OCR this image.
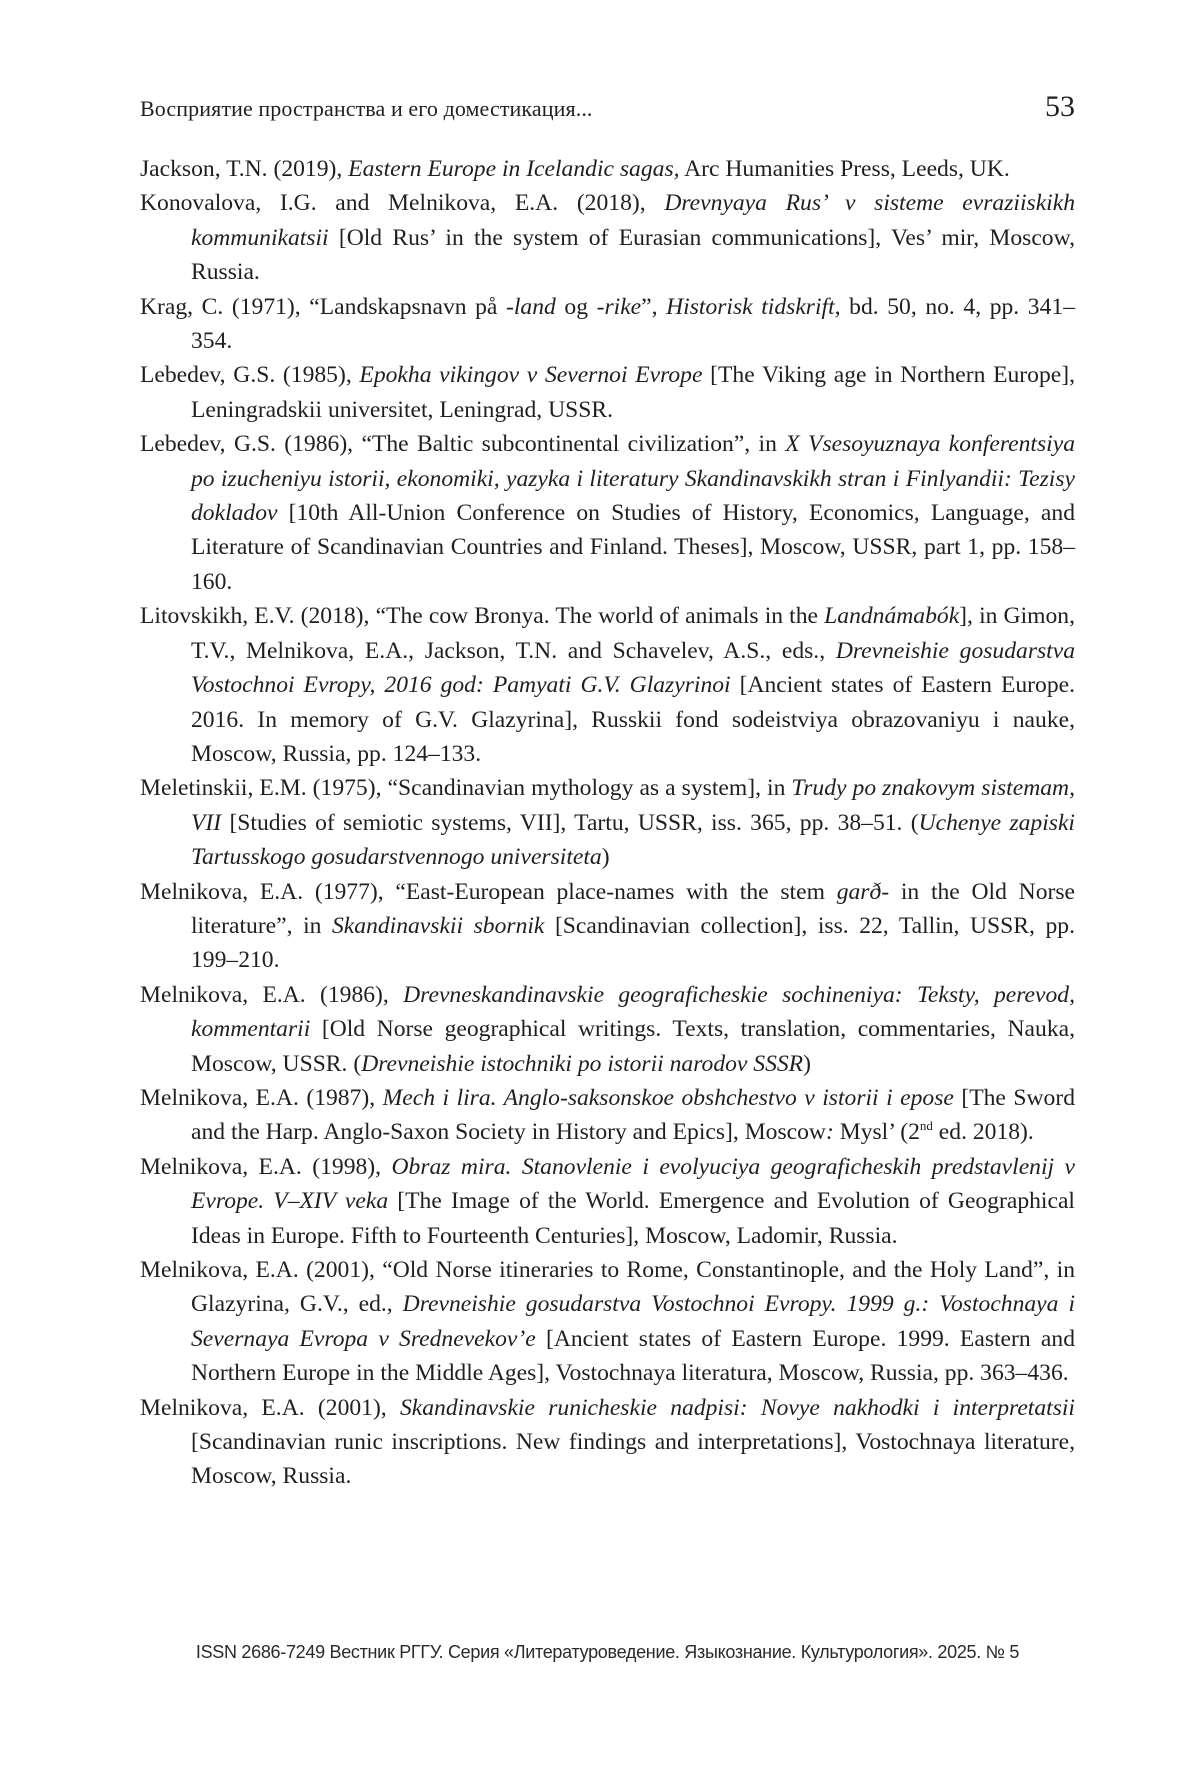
Восприятие пространства и его доместикация...	53
Jackson, T.N. (2019), Eastern Europe in Icelandic sagas, Arc Humanities Press, Leeds, UK.
Konovalova, I.G. and Melnikova, E.A. (2018), Drevnyaya Rus’ v sisteme evraziiskikh kommunikatsii [Old Rus’ in the system of Eurasian communications], Ves’ mir, Moscow, Russia.
Krag, C. (1971), “Landskapsnavn på -land og -rike”, Historisk tidskrift, bd. 50, no. 4, pp. 341–354.
Lebedev, G.S. (1985), Epokha vikingov v Severnoi Evrope [The Viking age in Northern Europe], Leningradskii universitet, Leningrad, USSR.
Lebedev, G.S. (1986), “The Baltic subcontinental civilization”, in X Vsesoyuznaya konferentsiya po izucheniyu istorii, ekonomiki, yazyka i literatury Skandinavskikh stran i Finlyandii: Tezisy dokladov [10th All-Union Conference on Studies of History, Economics, Language, and Literature of Scandinavian Countries and Finland. Theses], Moscow, USSR, part 1, pp. 158–160.
Litovskikh, E.V. (2018), “The cow Bronya. The world of animals in the Landnámabók], in Gimon, T.V., Melnikova, E.A., Jackson, T.N. and Schavelev, A.S., eds., Drevneishie gosudarstva Vostochnoi Evropy, 2016 god: Pamyati G.V. Glazyrinoi [Ancient states of Eastern Europe. 2016. In memory of G.V. Glazyrina], Russkii fond sodeistviya obrazovaniyu i nauke, Moscow, Russia, pp. 124–133.
Meletinskii, E.M. (1975), “Scandinavian mythology as a system], in Trudy po znakovym sistemam, VII [Studies of semiotic systems, VII], Tartu, USSR, iss. 365, pp. 38–51. (Uchenye zapiski Tartusskogo gosudarstvennogo universiteta)
Melnikova, E.A. (1977), “East-European place-names with the stem garð- in the Old Norse literature”, in Skandinavskii sbornik [Scandinavian collection], iss. 22, Tallin, USSR, pp. 199–210.
Melnikova, E.A. (1986), Drevneskandinavskie geograficheskie sochineniya: Teksty, perevod, kommentarii [Old Norse geographical writings. Texts, translation, commentaries, Nauka, Moscow, USSR. (Drevneishie istochniki po istorii narodov SSSR)
Melnikova, E.A. (1987), Mech i lira. Anglo-saksonskoe obshchestvo v istorii i epose [The Sword and the Harp. Anglo-Saxon Society in History and Epics], Moscow: Mysl’ (2nd ed. 2018).
Melnikova, E.A. (1998), Obraz mira. Stanovlenie i evolyuciya geograficheskih predstavlenij v Evrope. V–XIV veka [The Image of the World. Emergence and Evolution of Geographical Ideas in Europe. Fifth to Fourteenth Centuries], Moscow, Ladomir, Russia.
Melnikova, E.A. (2001), “Old Norse itineraries to Rome, Constantinople, and the Holy Land”, in Glazyrina, G.V., ed., Drevneishie gosudarstva Vostochnoi Evropy. 1999 g.: Vostochnaya i Severnaya Evropa v Srednevekov’e [Ancient states of Eastern Europe. 1999. Eastern and Northern Europe in the Middle Ages], Vostochnaya literatura, Moscow, Russia, pp. 363–436.
Melnikova, E.A. (2001), Skandinavskie runicheskie nadpisi: Novye nakhodki i interpretatsii [Scandinavian runic inscriptions. New findings and interpretations], Vostochnaya literature, Moscow, Russia.
ISSN 2686-7249 Вестник РГГУ. Серия «Литературоведение. Языкознание. Культурология». 2025. № 5
